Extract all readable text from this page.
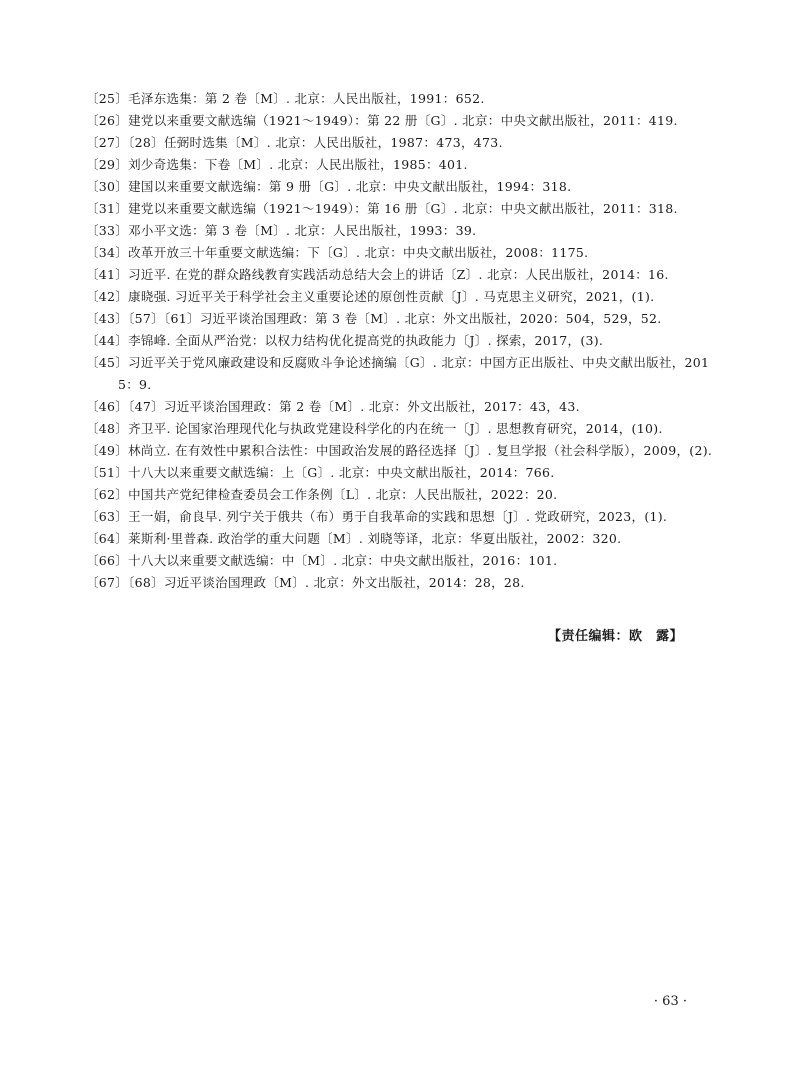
〔25〕毛泽东选集：第 2 卷〔M〕. 北京：人民出版社，1991：652.
〔26〕建党以来重要文献选编（1921～1949）：第 22 册〔G〕. 北京：中央文献出版社，2011：419.
〔27〕〔28〕任弼时选集〔M〕. 北京：人民出版社，1987：473，473.
〔29〕刘少奇选集：下卷〔M〕. 北京：人民出版社，1985：401.
〔30〕建国以来重要文献选编：第 9 册〔G〕. 北京：中央文献出版社，1994：318.
〔31〕建党以来重要文献选编（1921～1949）：第 16 册〔G〕. 北京：中央文献出版社，2011：318.
〔33〕邓小平文选：第 3 卷〔M〕. 北京：人民出版社，1993：39.
〔34〕改革开放三十年重要文献选编：下〔G〕. 北京：中央文献出版社，2008：1175.
〔41〕习近平. 在党的群众路线教育实践活动总结大会上的讲话〔Z〕. 北京：人民出版社，2014：16.
〔42〕康晓强. 习近平关于科学社会主义重要论述的原创性贡献〔J〕. 马克思主义研究，2021，(1).
〔43〕〔57〕〔61〕习近平谈治国理政：第 3 卷〔M〕. 北京：外文出版社，2020：504，529，52.
〔44〕李锦峰. 全面从严治党：以权力结构优化提高党的执政能力〔J〕. 探索，2017，(3).
〔45〕习近平关于党风廉政建设和反腐败斗争论述摘编〔G〕. 北京：中国方正出版社、中央文献出版社，2015：9.
〔46〕〔47〕习近平谈治国理政：第 2 卷〔M〕. 北京：外文出版社，2017：43，43.
〔48〕齐卫平. 论国家治理现代化与执政党建设科学化的内在统一〔J〕. 思想教育研究，2014，(10).
〔49〕林尚立. 在有效性中累积合法性：中国政治发展的路径选择〔J〕. 复旦学报（社会科学版），2009，(2).
〔51〕十八大以来重要文献选编：上〔G〕. 北京：中央文献出版社，2014：766.
〔62〕中国共产党纪律检查委员会工作条例〔L〕. 北京：人民出版社，2022：20.
〔63〕王一娟，俞良早. 列宁关于俄共（布）勇于自我革命的实践和思想〔J〕. 党政研究，2023，(1).
〔64〕莱斯利·里普森. 政治学的重大问题〔M〕. 刘晓等译，北京：华夏出版社，2002：320.
〔66〕十八大以来重要文献选编：中〔M〕. 北京：中央文献出版社，2016：101.
〔67〕〔68〕习近平谈治国理政〔M〕. 北京：外文出版社，2014：28，28.
【责任编辑：欧　露】
· 63 ·
